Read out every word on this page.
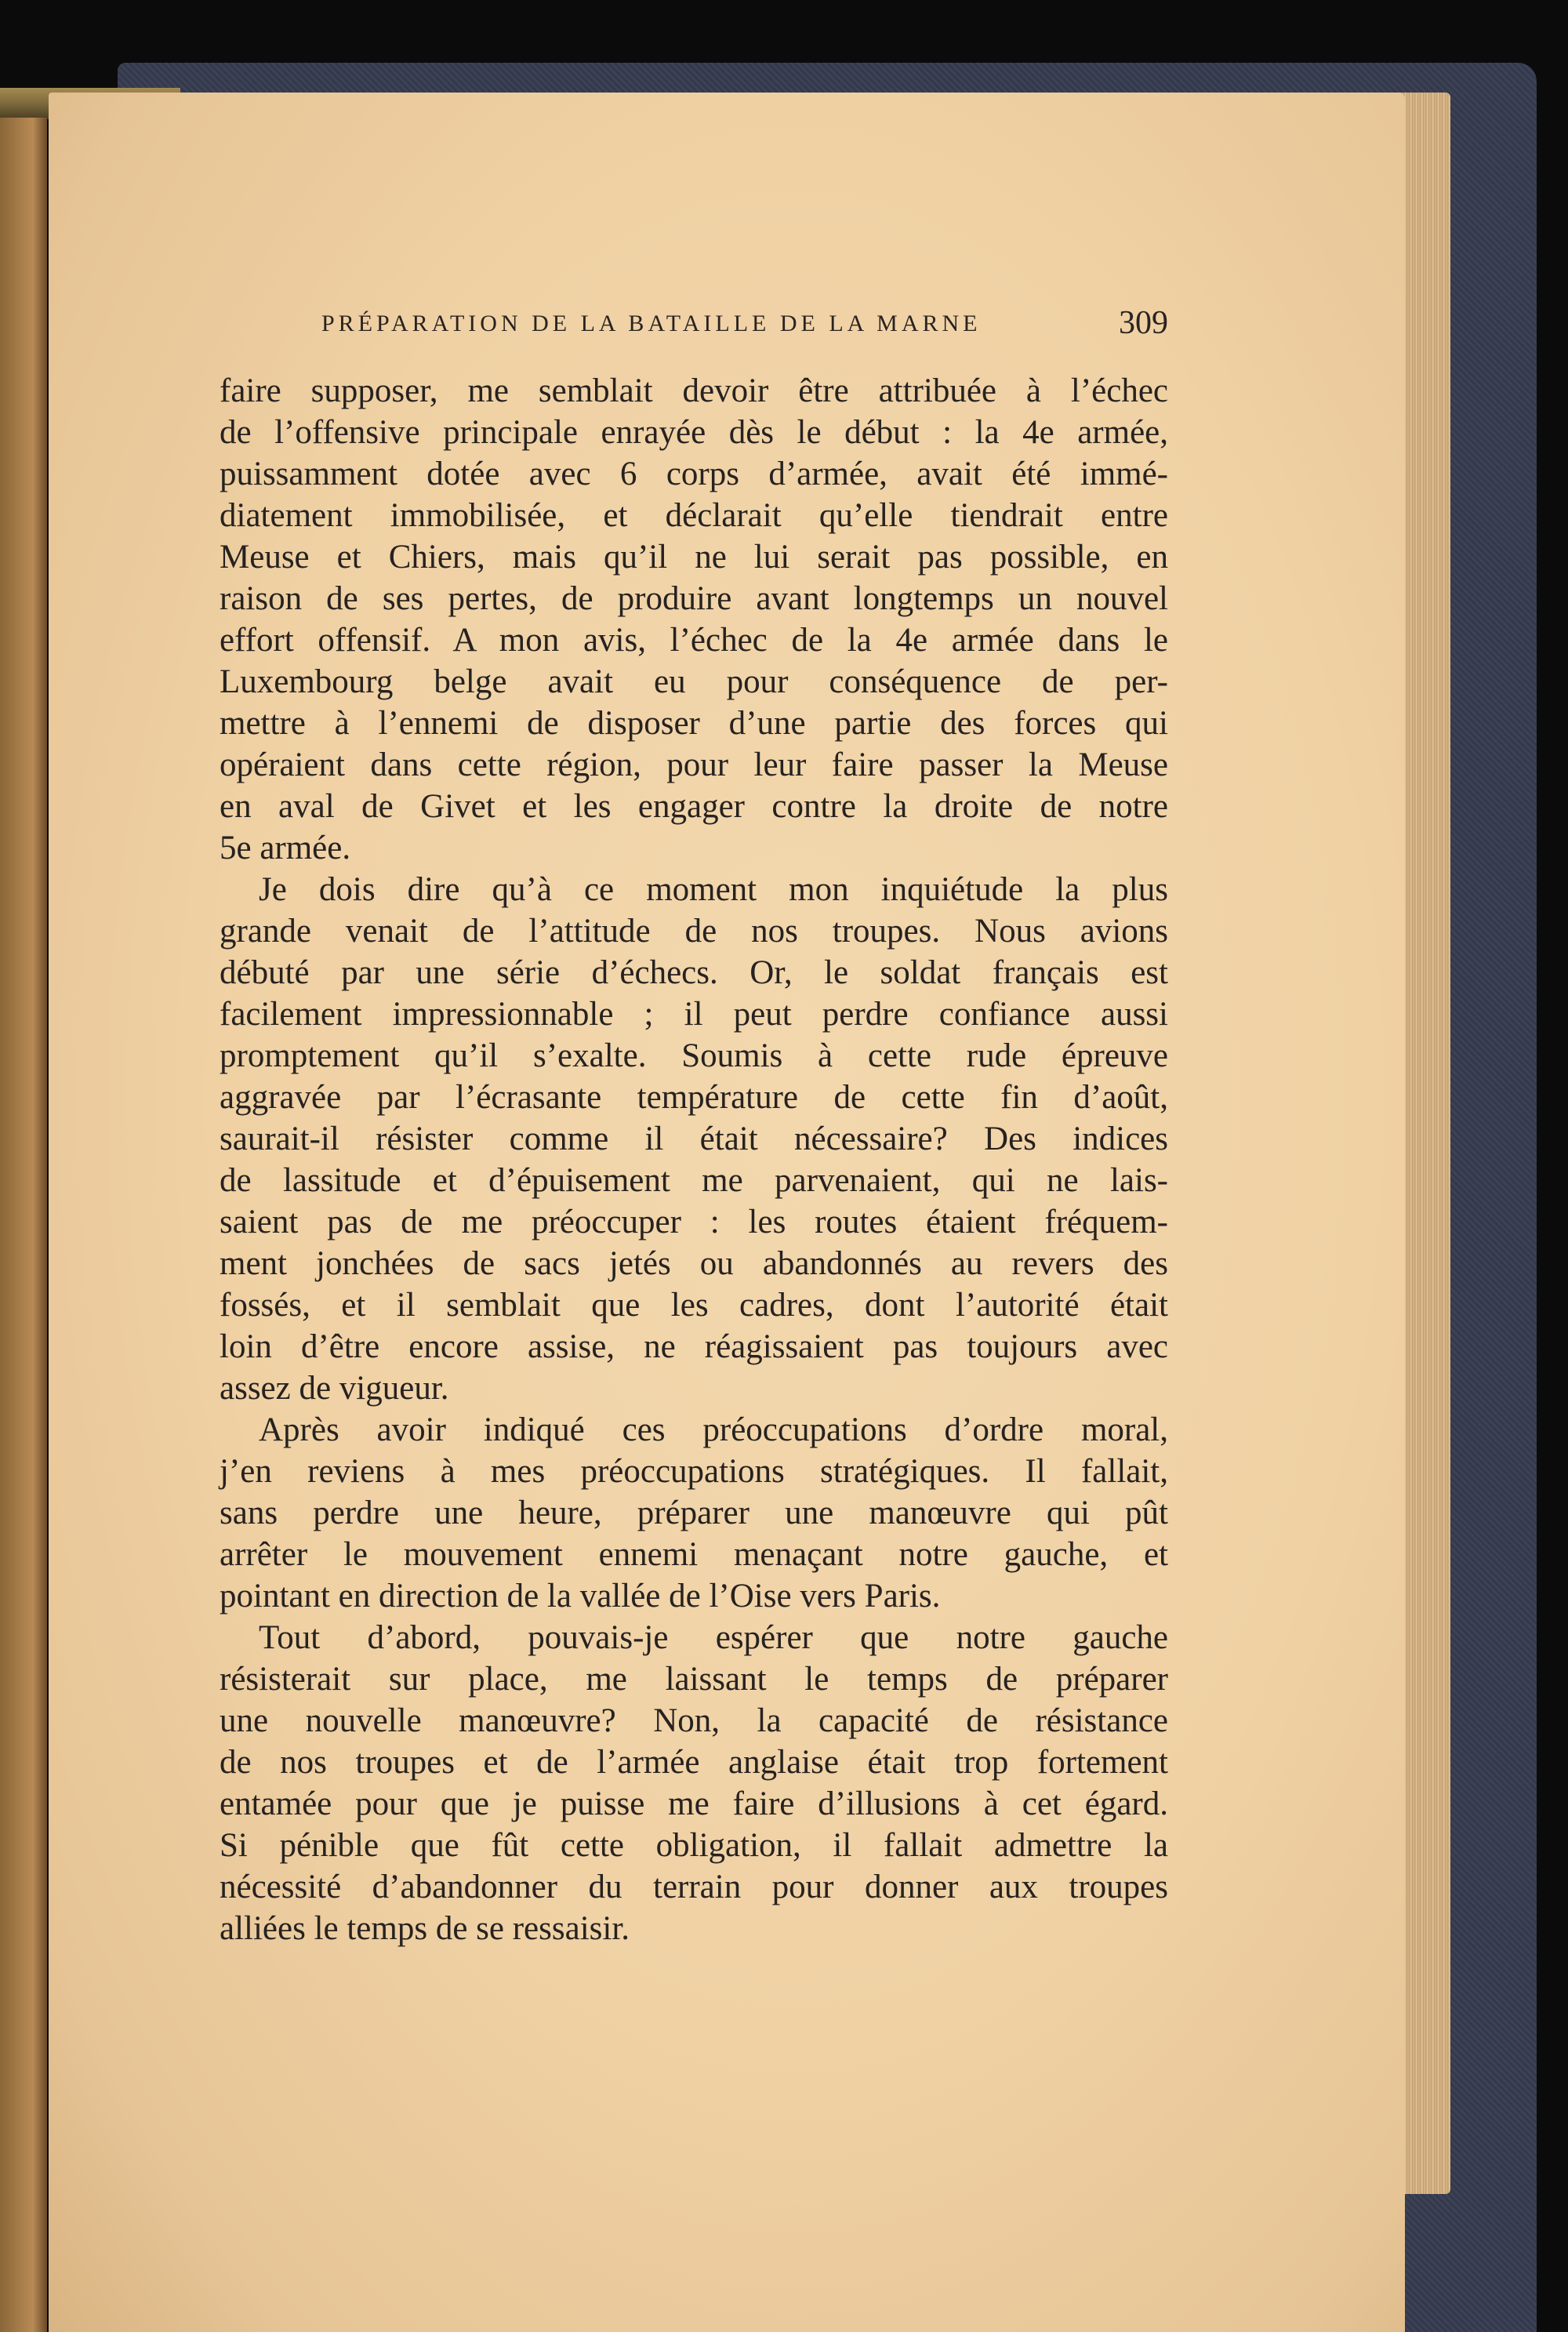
PRÉPARATION DE LA BATAILLE DE LA MARNE	309
faire supposer, me semblait devoir être attribuée à l’échec
de l’offensive principale enrayée dès le début : la 4e armée,
puissamment dotée avec 6 corps d’armée, avait été immé-
diatement immobilisée, et déclarait qu’elle tiendrait entre
Meuse et Chiers, mais qu’il ne lui serait pas possible, en
raison de ses pertes, de produire avant longtemps un nouvel
effort offensif. A mon avis, l’échec de la 4e armée dans le
Luxembourg belge avait eu pour conséquence de per-
mettre à l’ennemi de disposer d’une partie des forces qui
opéraient dans cette région, pour leur faire passer la Meuse
en aval de Givet et les engager contre la droite de notre
5e armée.
Je dois dire qu’à ce moment mon inquiétude la plus
grande venait de l’attitude de nos troupes. Nous avions
débuté par une série d’échecs. Or, le soldat français est
facilement impressionnable ; il peut perdre confiance aussi
promptement qu’il s’exalte. Soumis à cette rude épreuve
aggravée par l’écrasante température de cette fin d’août,
saurait-il résister comme il était nécessaire? Des indices
de lassitude et d’épuisement me parvenaient, qui ne lais-
saient pas de me préoccuper : les routes étaient fréquem-
ment jonchées de sacs jetés ou abandonnés au revers des
fossés, et il semblait que les cadres, dont l’autorité était
loin d’être encore assise, ne réagissaient pas toujours avec
assez de vigueur.
Après avoir indiqué ces préoccupations d’ordre moral,
j’en reviens à mes préoccupations stratégiques. Il fallait,
sans perdre une heure, préparer une manœuvre qui pût
arrêter le mouvement ennemi menaçant notre gauche, et
pointant en direction de la vallée de l’Oise vers Paris.
Tout d’abord, pouvais-je espérer que notre gauche
résisterait sur place, me laissant le temps de préparer
une nouvelle manœuvre? Non, la capacité de résistance
de nos troupes et de l’armée anglaise était trop fortement
entamée pour que je puisse me faire d’illusions à cet égard.
Si pénible que fût cette obligation, il fallait admettre la
nécessité d’abandonner du terrain pour donner aux troupes
alliées le temps de se ressaisir.
